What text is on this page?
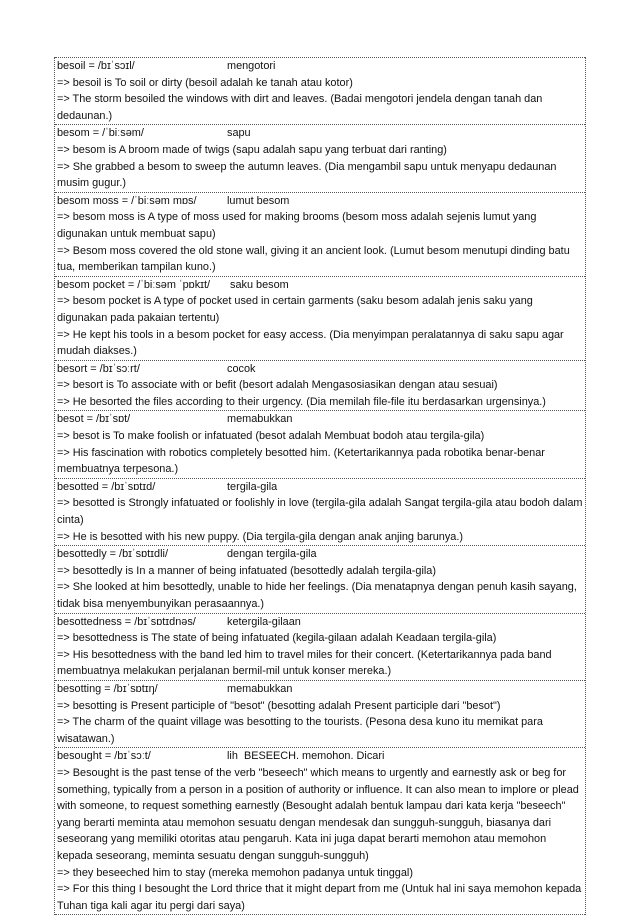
besoil = /bɪˈsɔɪl/	mengotori
=> besoil is To soil or dirty (besoil adalah ke tanah atau kotor)
=> The storm besoiled the windows with dirt and leaves. (Badai mengotori jendela dengan tanah dan dedaunan.)
besom = /ˈbiːsəm/	sapu
=> besom is A broom made of twigs (sapu adalah sapu yang terbuat dari ranting)
=> She grabbed a besom to sweep the autumn leaves. (Dia mengambil sapu untuk menyapu dedaunan musim gugur.)
besom moss = /ˈbiːsəm mɒs/	lumut besom
=> besom moss is A type of moss used for making brooms (besom moss adalah sejenis lumut yang digunakan untuk membuat sapu)
=> Besom moss covered the old stone wall, giving it an ancient look. (Lumut besom menutupi dinding batu tua, memberikan tampilan kuno.)
besom pocket = /ˈbiːsəm ˈpɒkɪt/ saku besom
=> besom pocket is A type of pocket used in certain garments (saku besom adalah jenis saku yang digunakan pada pakaian tertentu)
=> He kept his tools in a besom pocket for easy access. (Dia menyimpan peralatannya di saku sapu agar mudah diakses.)
besort = /bɪˈsɔːrt/	cocok
=> besort is To associate with or befit (besort adalah Mengasosiasikan dengan atau sesuai)
=> He besorted the files according to their urgency. (Dia memilah file-file itu berdasarkan urgensinya.)
besot = /bɪˈsɒt/	memabukkan
=> besot is To make foolish or infatuated (besot adalah Membuat bodoh atau tergila-gila)
=> His fascination with robotics completely besotted him. (Ketertarikannya pada robotika benar-benar membuatnya terpesona.)
besotted = /bɪˈsɒtɪd/	tergila-gila
=> besotted is Strongly infatuated or foolishly in love (tergila-gila adalah Sangat tergila-gila atau bodoh dalam cinta)
=> He is besotted with his new puppy. (Dia tergila-gila dengan anak anjing barunya.)
besottedly = /bɪˈsɒtɪdli/	dengan tergila-gila
=> besottedly is In a manner of being infatuated (besottedly adalah tergila-gila)
=> She looked at him besottedly, unable to hide her feelings. (Dia menatapnya dengan penuh kasih sayang, tidak bisa menyembunyikan perasaannya.)
besottedness = /bɪˈsɒtɪdnəs/	ketergila-gilaan
=> besottedness is The state of being infatuated (kegila-gilaan adalah Keadaan tergila-gila)
=> His besottedness with the band led him to travel miles for their concert. (Ketertarikannya pada band membuatnya melakukan perjalanan bermil-mil untuk konser mereka.)
besotting = /bɪˈsɒtɪŋ/	memabukkan
=> besotting is Present participle of "besot" (besotting adalah Present participle dari "besot")
=> The charm of the quaint village was besotting to the tourists. (Pesona desa kuno itu memikat para wisatawan.)
besought = /bɪˈsɔːt/	lih  BESEECH. memohon. Dicari
=> Besought is the past tense of the verb "beseech" which means to urgently and earnestly ask or beg for something, typically from a person in a position of authority or influence. It can also mean to implore or plead with someone, to request something earnestly (Besought adalah bentuk lampau dari kata kerja "beseech" yang berarti meminta atau memohon sesuatu dengan mendesak dan sungguh-sungguh, biasanya dari seseorang yang memiliki otoritas atau pengaruh. Kata ini juga dapat berarti memohon atau memohon kepada seseorang, meminta sesuatu dengan sungguh-sungguh)
=> they beseeched him to stay (mereka memohon padanya untuk tinggal)
=> For this thing I besought the Lord thrice that it might depart from me (Untuk hal ini saya memohon kepada Tuhan tiga kali agar itu pergi dari saya)
